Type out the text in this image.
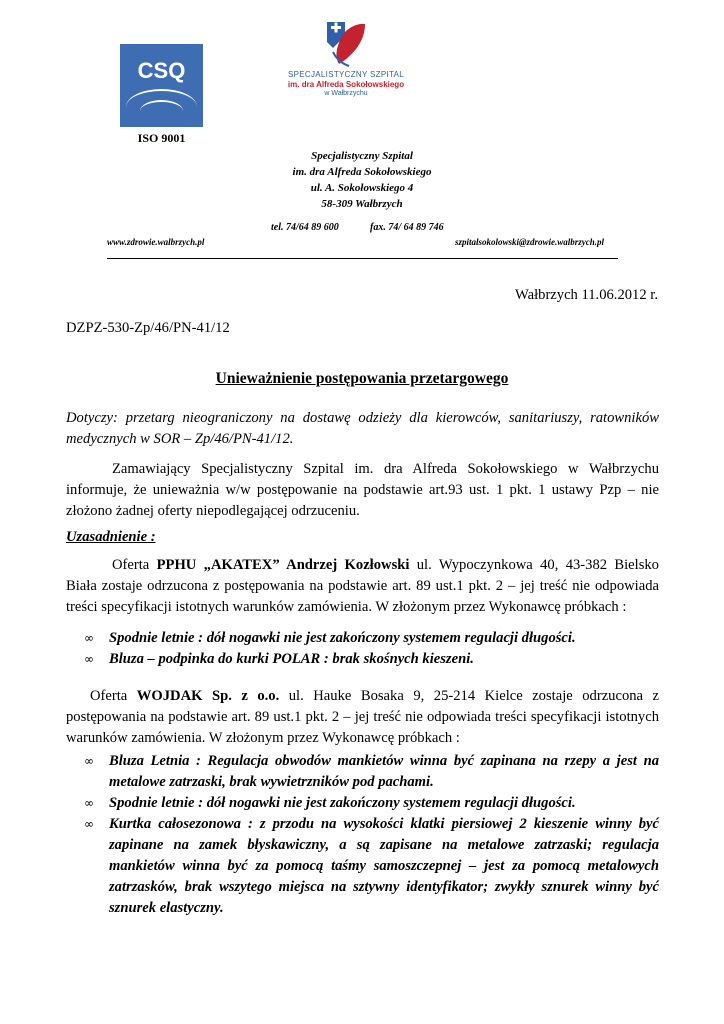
CSQ
ISO 9001
SPECJALISTYCZNY SZPITAL
im. dra Alfreda Sokołowskiego
w Wałbrzychu
Specjalistyczny Szpital
im. dra Alfreda Sokołowskiego
ul. A. Sokołowskiego 4
58-309 Wałbrzych
tel. 74/64 89 600	fax. 74/ 64 89 746
www.zdrowie.walbrzych.pl	szpitalsokolowski@zdrowie.walbrzych.pl
Wałbrzych 11.06.2012 r.
DZPZ-530-Zp/46/PN-41/12
Unieważnienie postępowania przetargowego
Dotyczy: przetarg nieograniczony na dostawę odzieży dla kierowców, sanitariuszy, ratowników medycznych w SOR – Zp/46/PN-41/12.
Zamawiający Specjalistyczny Szpital im. dra Alfreda Sokołowskiego w Wałbrzychu informuje, że unieważnia w/w postępowanie na podstawie art.93 ust. 1 pkt. 1 ustawy Pzp – nie złożono żadnej oferty niepodlegającej odrzuceniu.
Uzasadnienie :
Oferta PPHU „AKATEX” Andrzej Kozłowski ul. Wypoczynkowa 40, 43-382 Bielsko Biała zostaje odrzucona z postępowania na podstawie art. 89 ust.1 pkt. 2 – jej treść nie odpowiada treści specyfikacji istotnych warunków zamówienia. W złożonym przez Wykonawcę próbkach :
∞ Spodnie letnie : dół nogawki nie jest zakończony systemem regulacji długości.
∞ Bluza – podpinka do kurki POLAR : brak skośnych kieszeni.
Oferta WOJDAK Sp. z o.o. ul. Hauke Bosaka 9, 25-214 Kielce zostaje odrzucona z postępowania na podstawie art. 89 ust.1 pkt. 2 – jej treść nie odpowiada treści specyfikacji istotnych warunków zamówienia. W złożonym przez Wykonawcę próbkach :
∞ Bluza Letnia : Regulacja obwodów mankietów winna być zapinana na rzepy a jest na metalowe zatrzaski, brak wywietrzników pod pachami.
∞ Spodnie letnie : dół nogawki nie jest zakończony systemem regulacji długości.
∞ Kurtka całosezonowa : z przodu na wysokości klatki piersiowej 2 kieszenie winny być zapinane na zamek błyskawiczny, a są zapisane na metalowe zatrzaski; regulacja mankietów winna być za pomocą taśmy samoszczepnej – jest za pomocą metalowych zatrzasków, brak wszytego miejsca na sztywny identyfikator; zwykły sznurek winny być sznurek elastyczny.
